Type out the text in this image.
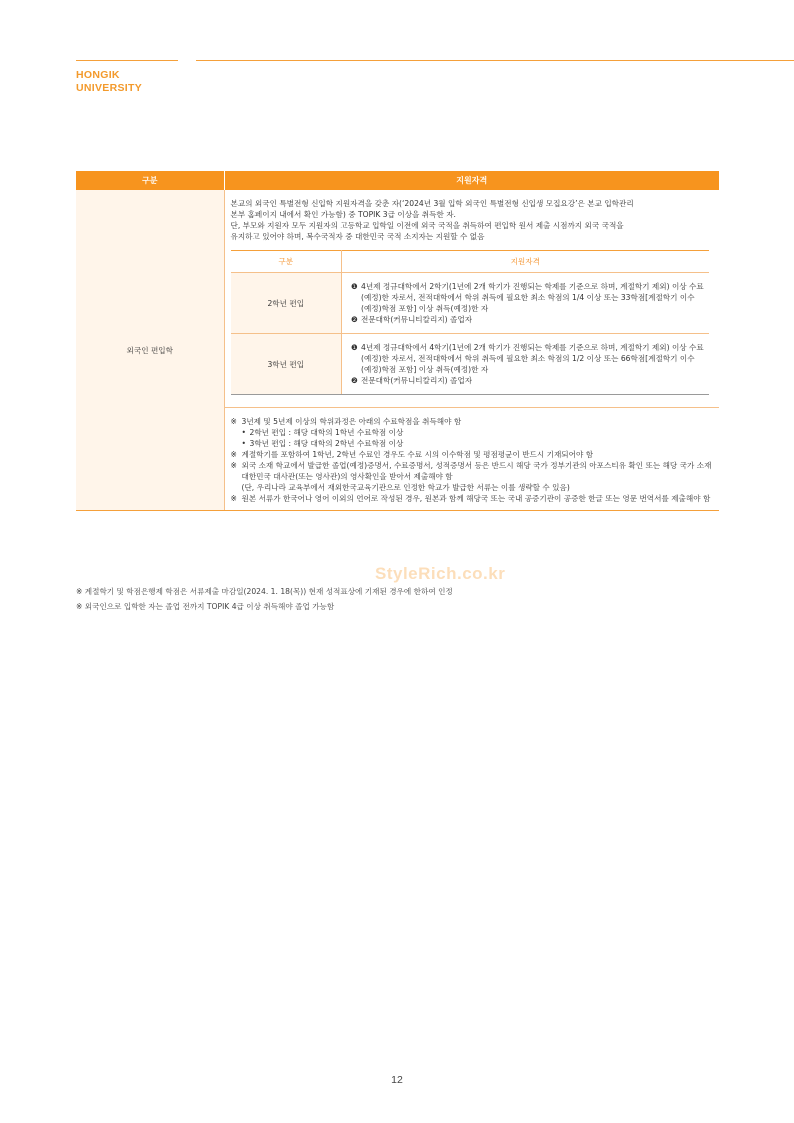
HONGIK
UNIVERSITY
구분	지원자격
외국인 편입학	

본교의 외국인 특별전형 신입학 지원자격을 갖춘 자(‘2024년 3월 입학 외국인 특별전형 신입생 모집요강’은 본교 입학관리

본부 홈페이지 내에서 확인 가능함) 중 TOPIK 3급 이상을 취득한 자.

단, 부모와 지원자 모두 지원자의 고등학교 입학일 이전에 외국 국적을 취득하여 편입학 원서 제출 시점까지 외국 국적을

유지하고 있어야 하며, 복수국적자 중 대한민국 국적 소지자는 지원할 수 없음

구분	지원자격
2학년 편입	
❶ 4년제 정규대학에서 2학기(1년에 2개 학기가 진행되는 학제를 기준으로 하며, 계절학기 제외) 이상 수료(예정)한 자로서, 전적대학에서 학위 취득에 필요한 최소 학점의 1/4 이상 또는 33학점[계절학기 이수(예정)학점 포함] 이상 취득(예정)한 자
❷ 전문대학(커뮤니티칼리지) 졸업자

3학년 편입	
❶ 4년제 정규대학에서 4학기(1년에 2개 학기가 진행되는 학제를 기준으로 하며, 계절학기 제외) 이상 수료(예정)한 자로서, 전적대학에서 학위 취득에 필요한 최소 학점의 1/2 이상 또는 66학점[계절학기 이수(예정)학점 포함] 이상 취득(예정)한 자
❷ 전문대학(커뮤니티칼리지) 졸업자

※ 3년제 및 5년제 이상의 학위과정은 아래의 수료학점을 취득해야 함
• 2학년 편입 : 해당 대학의 1학년 수료학점 이상
• 3학년 편입 : 해당 대학의 2학년 수료학점 이상
※ 계절학기를 포함하여 1학년, 2학년 수료인 경우도 수료 시의 이수학점 및 평점평균이 반드시 기재되어야 함
※ 외국 소재 학교에서 발급한 졸업(예정)증명서, 수료증명서, 성적증명서 등은 반드시 해당 국가 정부기관의 아포스티유 확인 또는 해당 국가 소재 대한민국 대사관(또는 영사관)의 영사확인을 받아서 제출해야 함
(단, 우리나라 교육부에서 재외한국교육기관으로 인정한 학교가 발급한 서류는 이를 생략할 수 있음)
※ 원본 서류가 한국어나 영어 이외의 언어로 작성된 경우, 원본과 함께 해당국 또는 국내 공증기관이 공증한 한글 또는 영문 번역서를 제출해야 함
StyleRich.co.kr

※ 계절학기 및 학점은행제 학점은 서류제출 마감일(2024. 1. 18(목)) 현재 성적표상에 기재된 경우에 한하여 인정

※ 외국인으로 입학한 자는 졸업 전까지 TOPIK 4급 이상 취득해야 졸업 가능함

12
